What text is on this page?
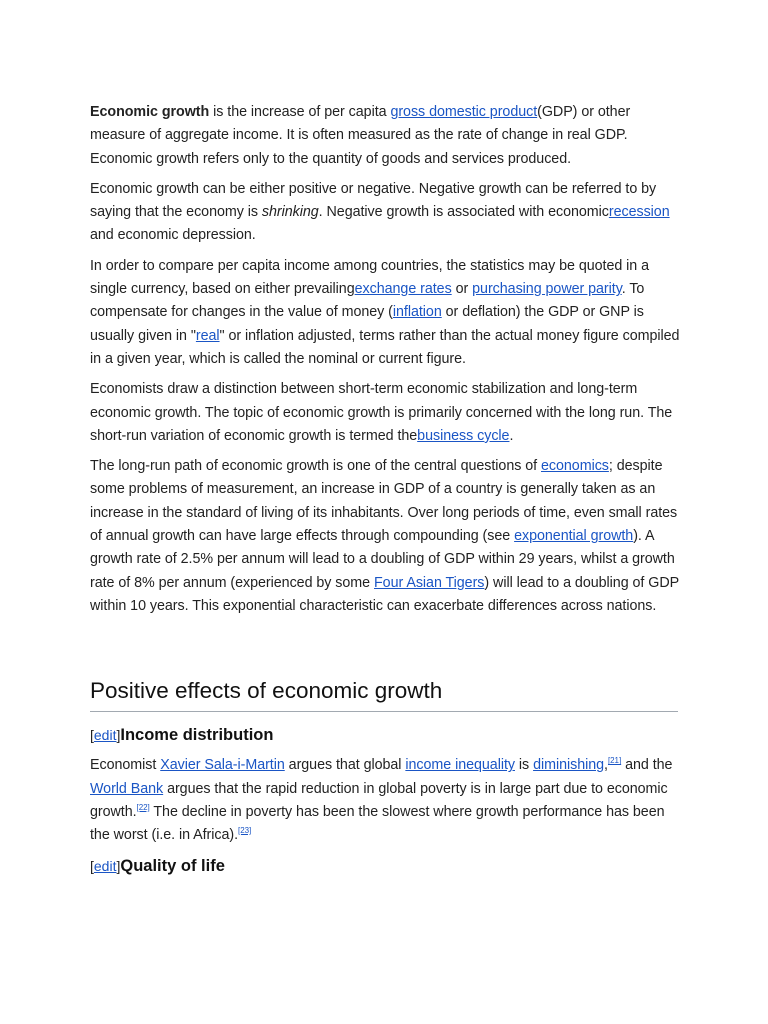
Economic growth is the increase of per capita gross domestic product(GDP) or other measure of aggregate income. It is often measured as the rate of change in real GDP. Economic growth refers only to the quantity of goods and services produced.

Economic growth can be either positive or negative. Negative growth can be referred to by saying that the economy is shrinking. Negative growth is associated with economicrecession and economic depression.

In order to compare per capita income among countries, the statistics may be quoted in a single currency, based on either prevailingexchange rates or purchasing power parity. To compensate for changes in the value of money (inflation or deflation) the GDP or GNP is usually given in "real" or inflation adjusted, terms rather than the actual money figure compiled in a given year, which is called the nominal or current figure.

Economists draw a distinction between short-term economic stabilization and long-term economic growth. The topic of economic growth is primarily concerned with the long run. The short-run variation of economic growth is termed thebusiness cycle.

The long-run path of economic growth is one of the central questions of economics; despite some problems of measurement, an increase in GDP of a country is generally taken as an increase in the standard of living of its inhabitants. Over long periods of time, even small rates of annual growth can have large effects through compounding (see exponential growth). A growth rate of 2.5% per annum will lead to a doubling of GDP within 29 years, whilst a growth rate of 8% per annum (experienced by some Four Asian Tigers) will lead to a doubling of GDP within 10 years. This exponential characteristic can exacerbate differences across nations.

Positive effects of economic growth
[edit]Income distribution

Economist Xavier Sala-i-Martin argues that global income inequality is diminishing,[21] and the World Bank argues that the rapid reduction in global poverty is in large part due to economic growth.[22] The decline in poverty has been the slowest where growth performance has been the worst (i.e. in Africa).[23]

[edit]Quality of life
